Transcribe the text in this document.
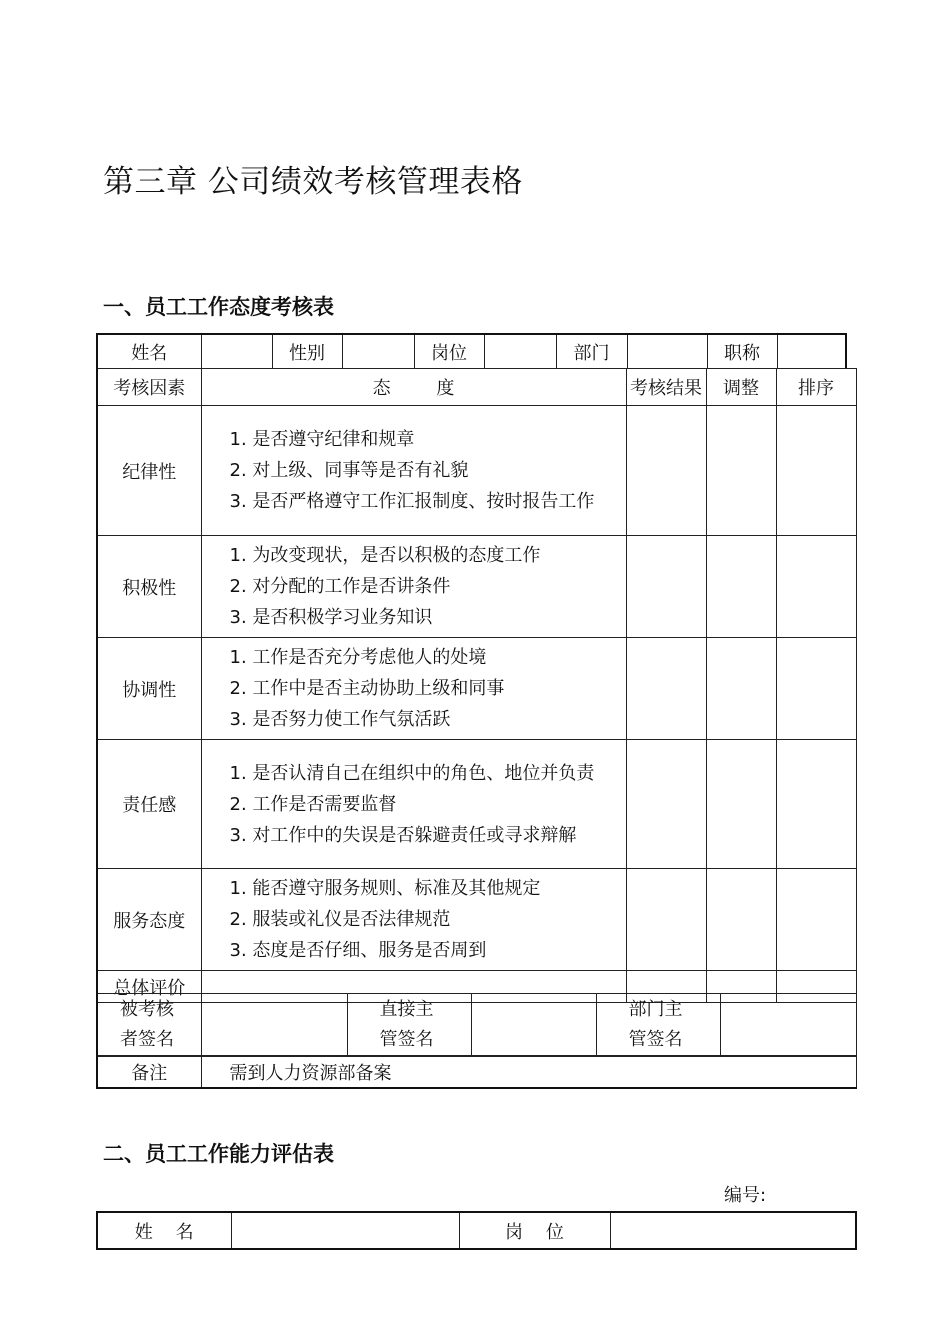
第三章 公司绩效考核管理表格
一、员工工作态度考核表
姓名		性别		岗位		部门		职称	
考核因素	态        度	考核结果	调整	排序
纪律性	1. 是否遵守纪律和规章
2. 对上级、同事等是否有礼貌
3. 是否严格遵守工作汇报制度、按时报告工作			

积极性	1. 为改变现状，是否以积极的态度工作
2. 对分配的工作是否讲条件
3. 是否积极学习业务知识			

协调性	1. 工作是否充分考虑他人的处境
2. 工作中是否主动协助上级和同事
3. 是否努力使工作气氛活跃			

责任感	1. 是否认清自己在组织中的角色、地位并负责
2. 工作是否需要监督
3. 对工作中的失误是否躲避责任或寻求辩解			

服务态度	1. 能否遵守服务规则、标准及其他规定
2. 服装或礼仪是否法律规范
3. 态度是否仔细、服务是否周到			

总体评价				
被考核者签名		直接主管签名		部门主管签名	
备注	需到人力资源部备案
二、员工工作能力评估表
编号:
姓    名		岗    位	
